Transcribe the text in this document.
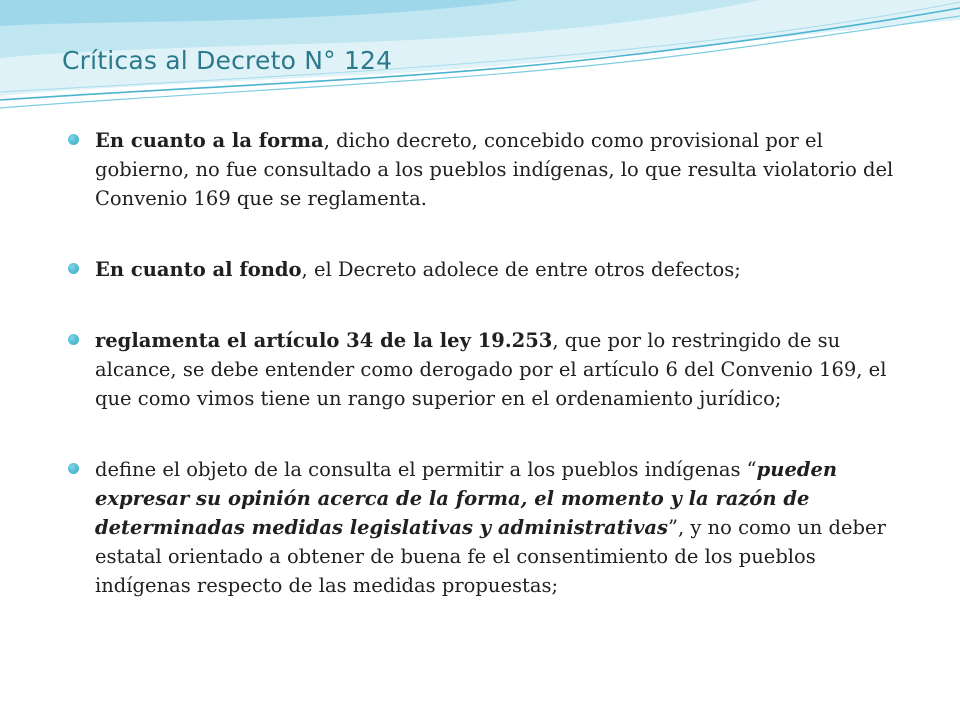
Críticas al Decreto N° 124
En cuanto a la forma, dicho decreto, concebido como provisional por el gobierno, no fue consultado a los pueblos indígenas, lo que resulta violatorio del Convenio 169 que se reglamenta.
En cuanto al fondo, el Decreto adolece de entre otros defectos;
reglamenta el artículo 34 de la ley 19.253, que por lo restringido de su alcance, se debe entender como derogado por el artículo 6 del Convenio 169, el que como vimos tiene un rango superior en el ordenamiento jurídico;
define el objeto de la consulta el permitir a los pueblos indígenas “pueden expresar su opinión acerca de la forma, el momento y la razón de determinadas medidas legislativas y administrativas”, y no como un deber estatal orientado a obtener de buena fe el consentimiento de los pueblos indígenas respecto de las medidas propuestas;
